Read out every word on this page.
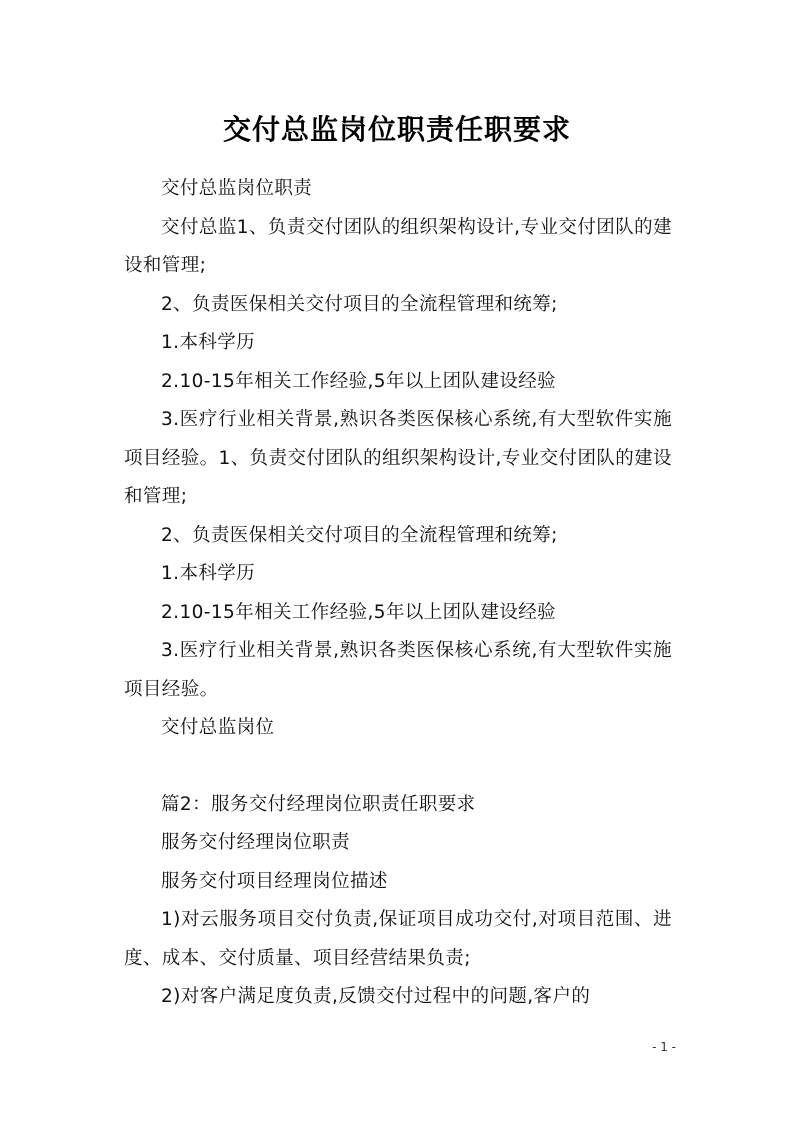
交付总监岗位职责任职要求

交付总监岗位职责

交付总监1、负责交付团队的组织架构设计,专业交付团队的建设和管理;

2、负责医保相关交付项目的全流程管理和统筹;

1.本科学历

2.10-15年相关工作经验,5年以上团队建设经验

3.医疗行业相关背景,熟识各类医保核心系统,有大型软件实施项目经验。1、负责交付团队的组织架构设计,专业交付团队的建设和管理;

2、负责医保相关交付项目的全流程管理和统筹;

1.本科学历

2.10-15年相关工作经验,5年以上团队建设经验

3.医疗行业相关背景,熟识各类医保核心系统,有大型软件实施项目经验。

交付总监岗位

篇2：服务交付经理岗位职责任职要求

服务交付经理岗位职责

服务交付项目经理岗位描述

1)对云服务项目交付负责,保证项目成功交付,对项目范围、进度、成本、交付质量、项目经营结果负责;

2)对客户满足度负责,反馈交付过程中的问题,客户的

- 1 -
